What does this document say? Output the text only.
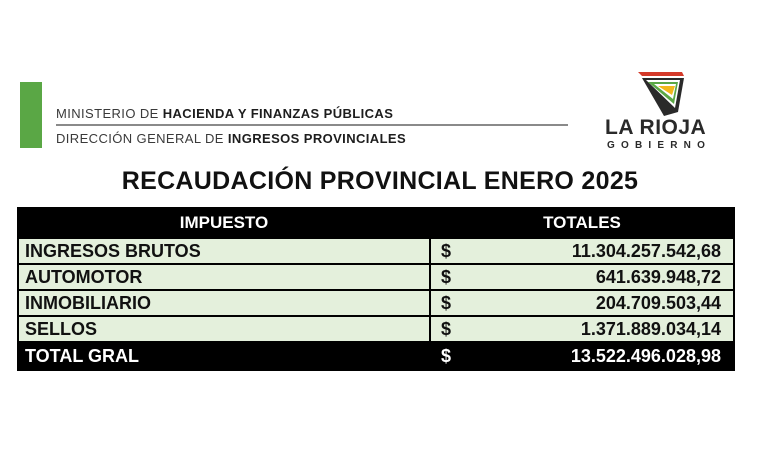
MINISTERIO DE HACIENDA Y FINANZAS PÚBLICAS
DIRECCIÓN GENERAL DE INGRESOS PROVINCIALES	LA RIOJA
GOBIERNO
RECAUDACIÓN PROVINCIAL ENERO 2025
IMPUESTO	TOTALES	
INGRESOS BRUTOS	$	11.304.257.542,68
AUTOMOTOR	$	641.639.948,72
INMOBILIARIO	$	204.709.503,44
SELLOS	$	1.371.889.034,14
TOTAL GRAL	$	13.522.496.028,98
